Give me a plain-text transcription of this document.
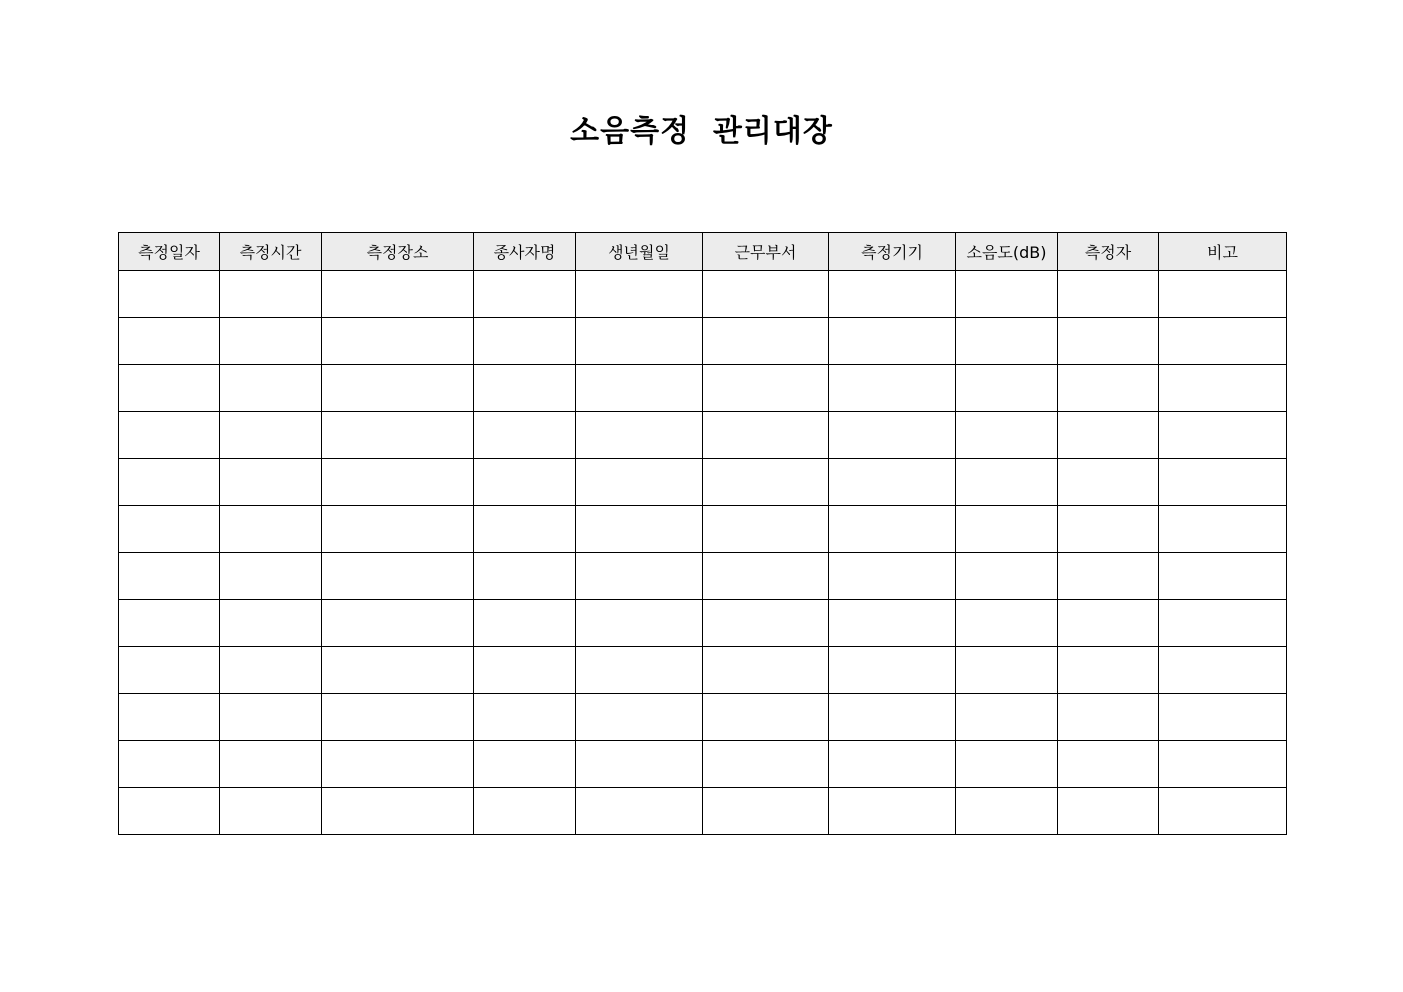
소음측정  관리대장
측정일자	측정시간	측정장소	종사자명	생년월일	근무부서	측정기기	소음도(dB)	측정자	비고
